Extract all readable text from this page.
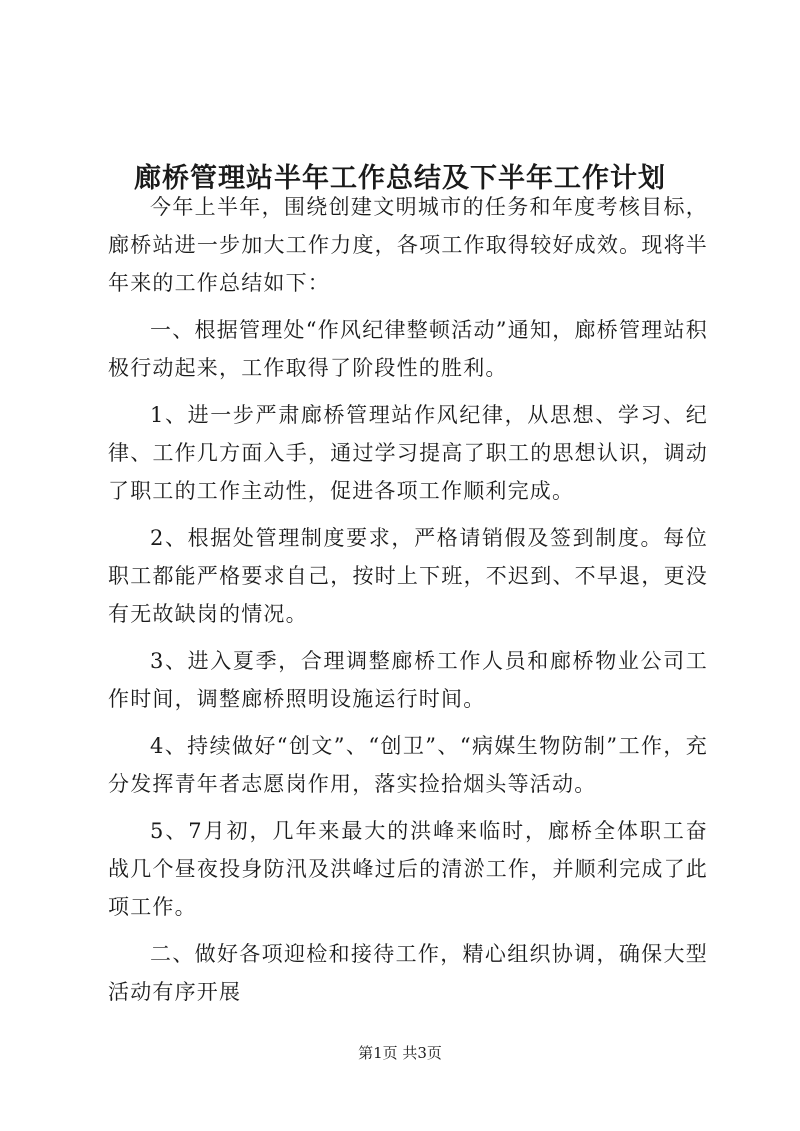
廊桥管理站半年工作总结及下半年工作计划

今年上半年，围绕创建文明城市的任务和年度考核目标，廊桥站进一步加大工作力度，各项工作取得较好成效。现将半年来的工作总结如下：

一、根据管理处“作风纪律整顿活动”通知，廊桥管理站积极行动起来，工作取得了阶段性的胜利。

1、进一步严肃廊桥管理站作风纪律，从思想、学习、纪律、工作几方面入手，通过学习提高了职工的思想认识，调动了职工的工作主动性，促进各项工作顺利完成。

2、根据处管理制度要求，严格请销假及签到制度。每位职工都能严格要求自己，按时上下班，不迟到、不早退，更没有无故缺岗的情况。

3、进入夏季，合理调整廊桥工作人员和廊桥物业公司工作时间，调整廊桥照明设施运行时间。

4、持续做好“创文”、“创卫”、“病媒生物防制”工作，充分发挥青年者志愿岗作用，落实捡拾烟头等活动。

5、7月初，几年来最大的洪峰来临时，廊桥全体职工奋战几个昼夜投身防汛及洪峰过后的清淤工作，并顺利完成了此项工作。

二、做好各项迎检和接待工作，精心组织协调，确保大型活动有序开展

第1页 共3页
